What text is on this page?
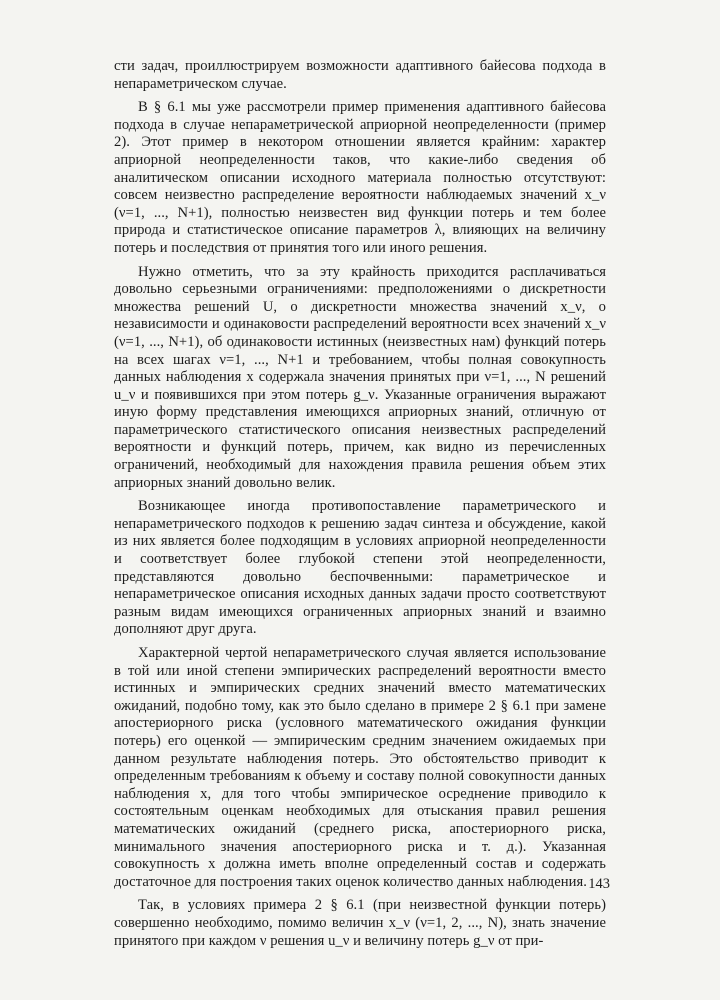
сти задач, проиллюстрируем возможности адаптивного байесова подхода в непараметрическом случае.

В § 6.1 мы уже рассмотрели пример применения адаптивного байесова подхода в случае непараметрической априорной неопределенности (пример 2). Этот пример в некотором отношении является крайним: характер априорной неопределенности таков, что какие-либо сведения об аналитическом описании исходного материала полностью отсутствуют: совсем неизвестно распределение вероятности наблюдаемых значений x_ν (ν=1, ..., N+1), полностью неизвестен вид функции потерь и тем более природа и статистическое описание параметров λ, влияющих на величину потерь и последствия от принятия того или иного решения.

Нужно отметить, что за эту крайность приходится расплачиваться довольно серьезными ограничениями: предположениями о дискретности множества решений U, о дискретности множества значений x_ν, о независимости и одинаковости распределений вероятности всех значений x_ν (ν=1, ..., N+1), об одинаковости истинных (неизвестных нам) функций потерь на всех шагах ν=1, ..., N+1 и требованием, чтобы полная совокупность данных наблюдения x содержала значения принятых при ν=1, ..., N решений u_ν и появившихся при этом потерь g_ν. Указанные ограничения выражают иную форму представления имеющихся априорных знаний, отличную от параметрического статистического описания неизвестных распределений вероятности и функций потерь, причем, как видно из перечисленных ограничений, необходимый для нахождения правила решения объем этих априорных знаний довольно велик.

Возникающее иногда противопоставление параметрического и непараметрического подходов к решению задач синтеза и обсуждение, какой из них является более подходящим в условиях априорной неопределенности и соответствует более глубокой степени этой неопределенности, представляются довольно беспочвенными: параметрическое и непараметрическое описания исходных данных задачи просто соответствуют разным видам имеющихся ограниченных априорных знаний и взаимно дополняют друг друга.

Характерной чертой непараметрического случая является использование в той или иной степени эмпирических распределений вероятности вместо истинных и эмпирических средних значений вместо математических ожиданий, подобно тому, как это было сделано в примере 2 § 6.1 при замене апостериорного риска (условного математического ожидания функции потерь) его оценкой — эмпирическим средним значением ожидаемых при данном результате наблюдения потерь. Это обстоятельство приводит к определенным требованиям к объему и составу полной совокупности данных наблюдения x, для того чтобы эмпирическое осреднение приводило к состоятельным оценкам необходимых для отыскания правил решения математических ожиданий (среднего риска, апостериорного риска, минимального значения апостериорного риска и т. д.). Указанная совокупность x должна иметь вполне определенный состав и содержать достаточное для построения таких оценок количество данных наблюдения.

Так, в условиях примера 2 § 6.1 (при неизвестной функции потерь) совершенно необходимо, помимо величин x_ν (ν=1, 2, ..., N), знать значение принятого при каждом ν решения u_ν и величину потерь g_ν от при-

143
